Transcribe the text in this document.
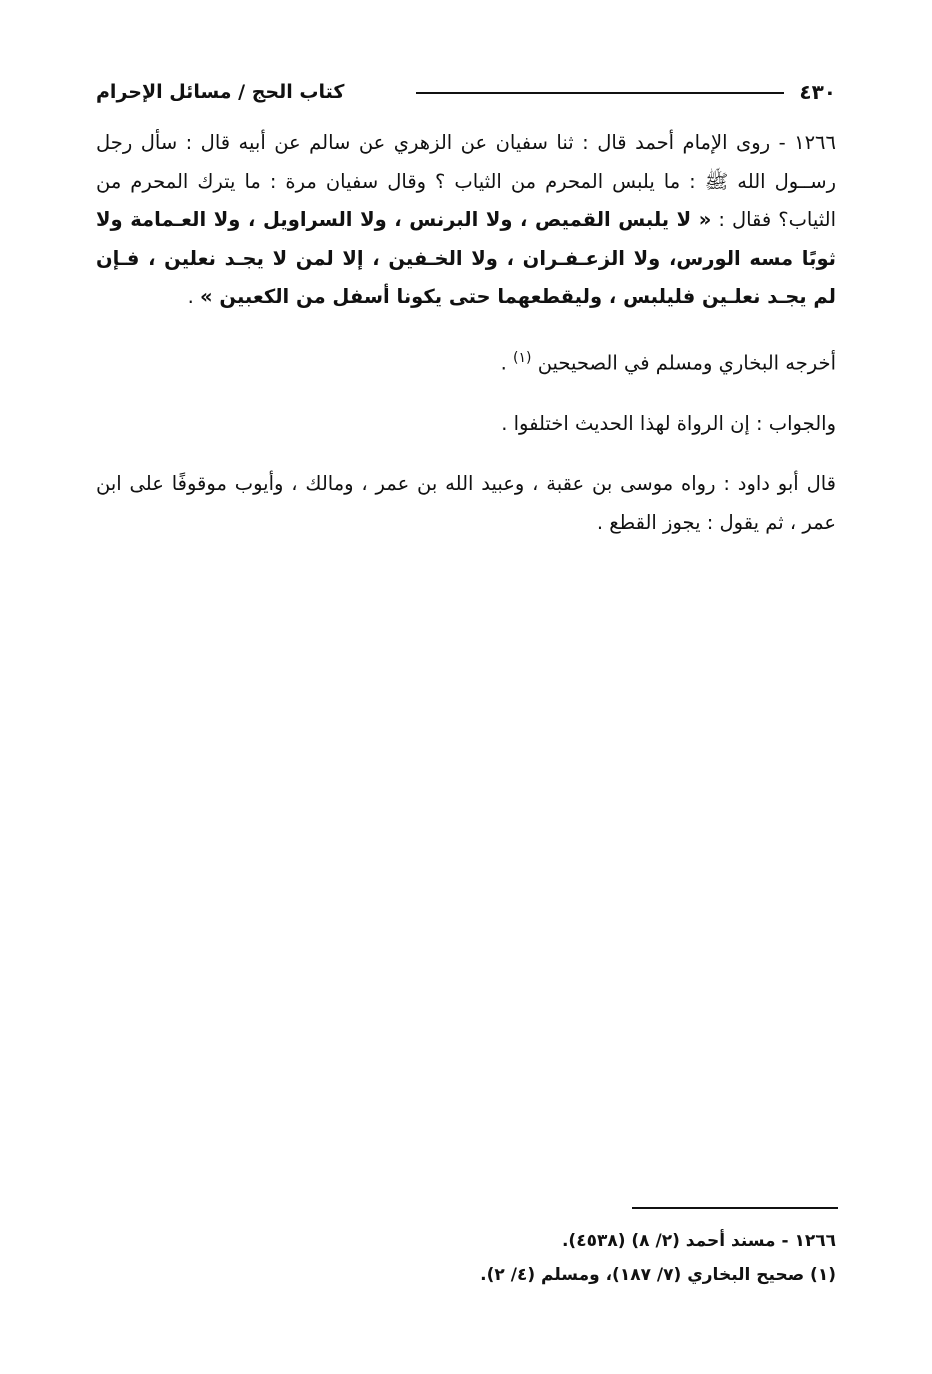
٤٣٠
كتاب الحج / مسائل الإحرام

١٢٦٦ - روى الإمام أحمد قال : ثنا سفيان عن الزهري عن سالم عن أبيه قال : سأل رجل رســول الله ﷺ : ما يلبس المحرم من الثياب ؟ وقال سفيان مرة : ما يترك المحرم من الثياب؟ فقال : « لا يلبس القميص ، ولا البرنس ، ولا السراويل ، ولا العـمامة ولا ثوبًا مسه الورس، ولا الزعـفـران ، ولا الخـفين ، إلا لمن لا يجـد نعلين ، فـإن لم يجـد نعلـين فليلبس ، وليقطعهما حتى يكونا أسفل من الكعبين » .

أخرجه البخاري ومسلم في الصحيحين $^{(١)}$ .

والجواب : إن الرواة لهذا الحديث اختلفوا .

قال أبو داود : رواه موسى بن عقبة ، وعبيد الله بن عمر ، ومالك ، وأيوب موقوفًا على ابن عمر ، ثم يقول : يجوز القطع .

١٢٦٦ - مسند أحمد (٢/ ٨) (٤٥٣٨).

(١) صحيح البخاري (٧/ ١٨٧)، ومسلم (٤/ ٢).
